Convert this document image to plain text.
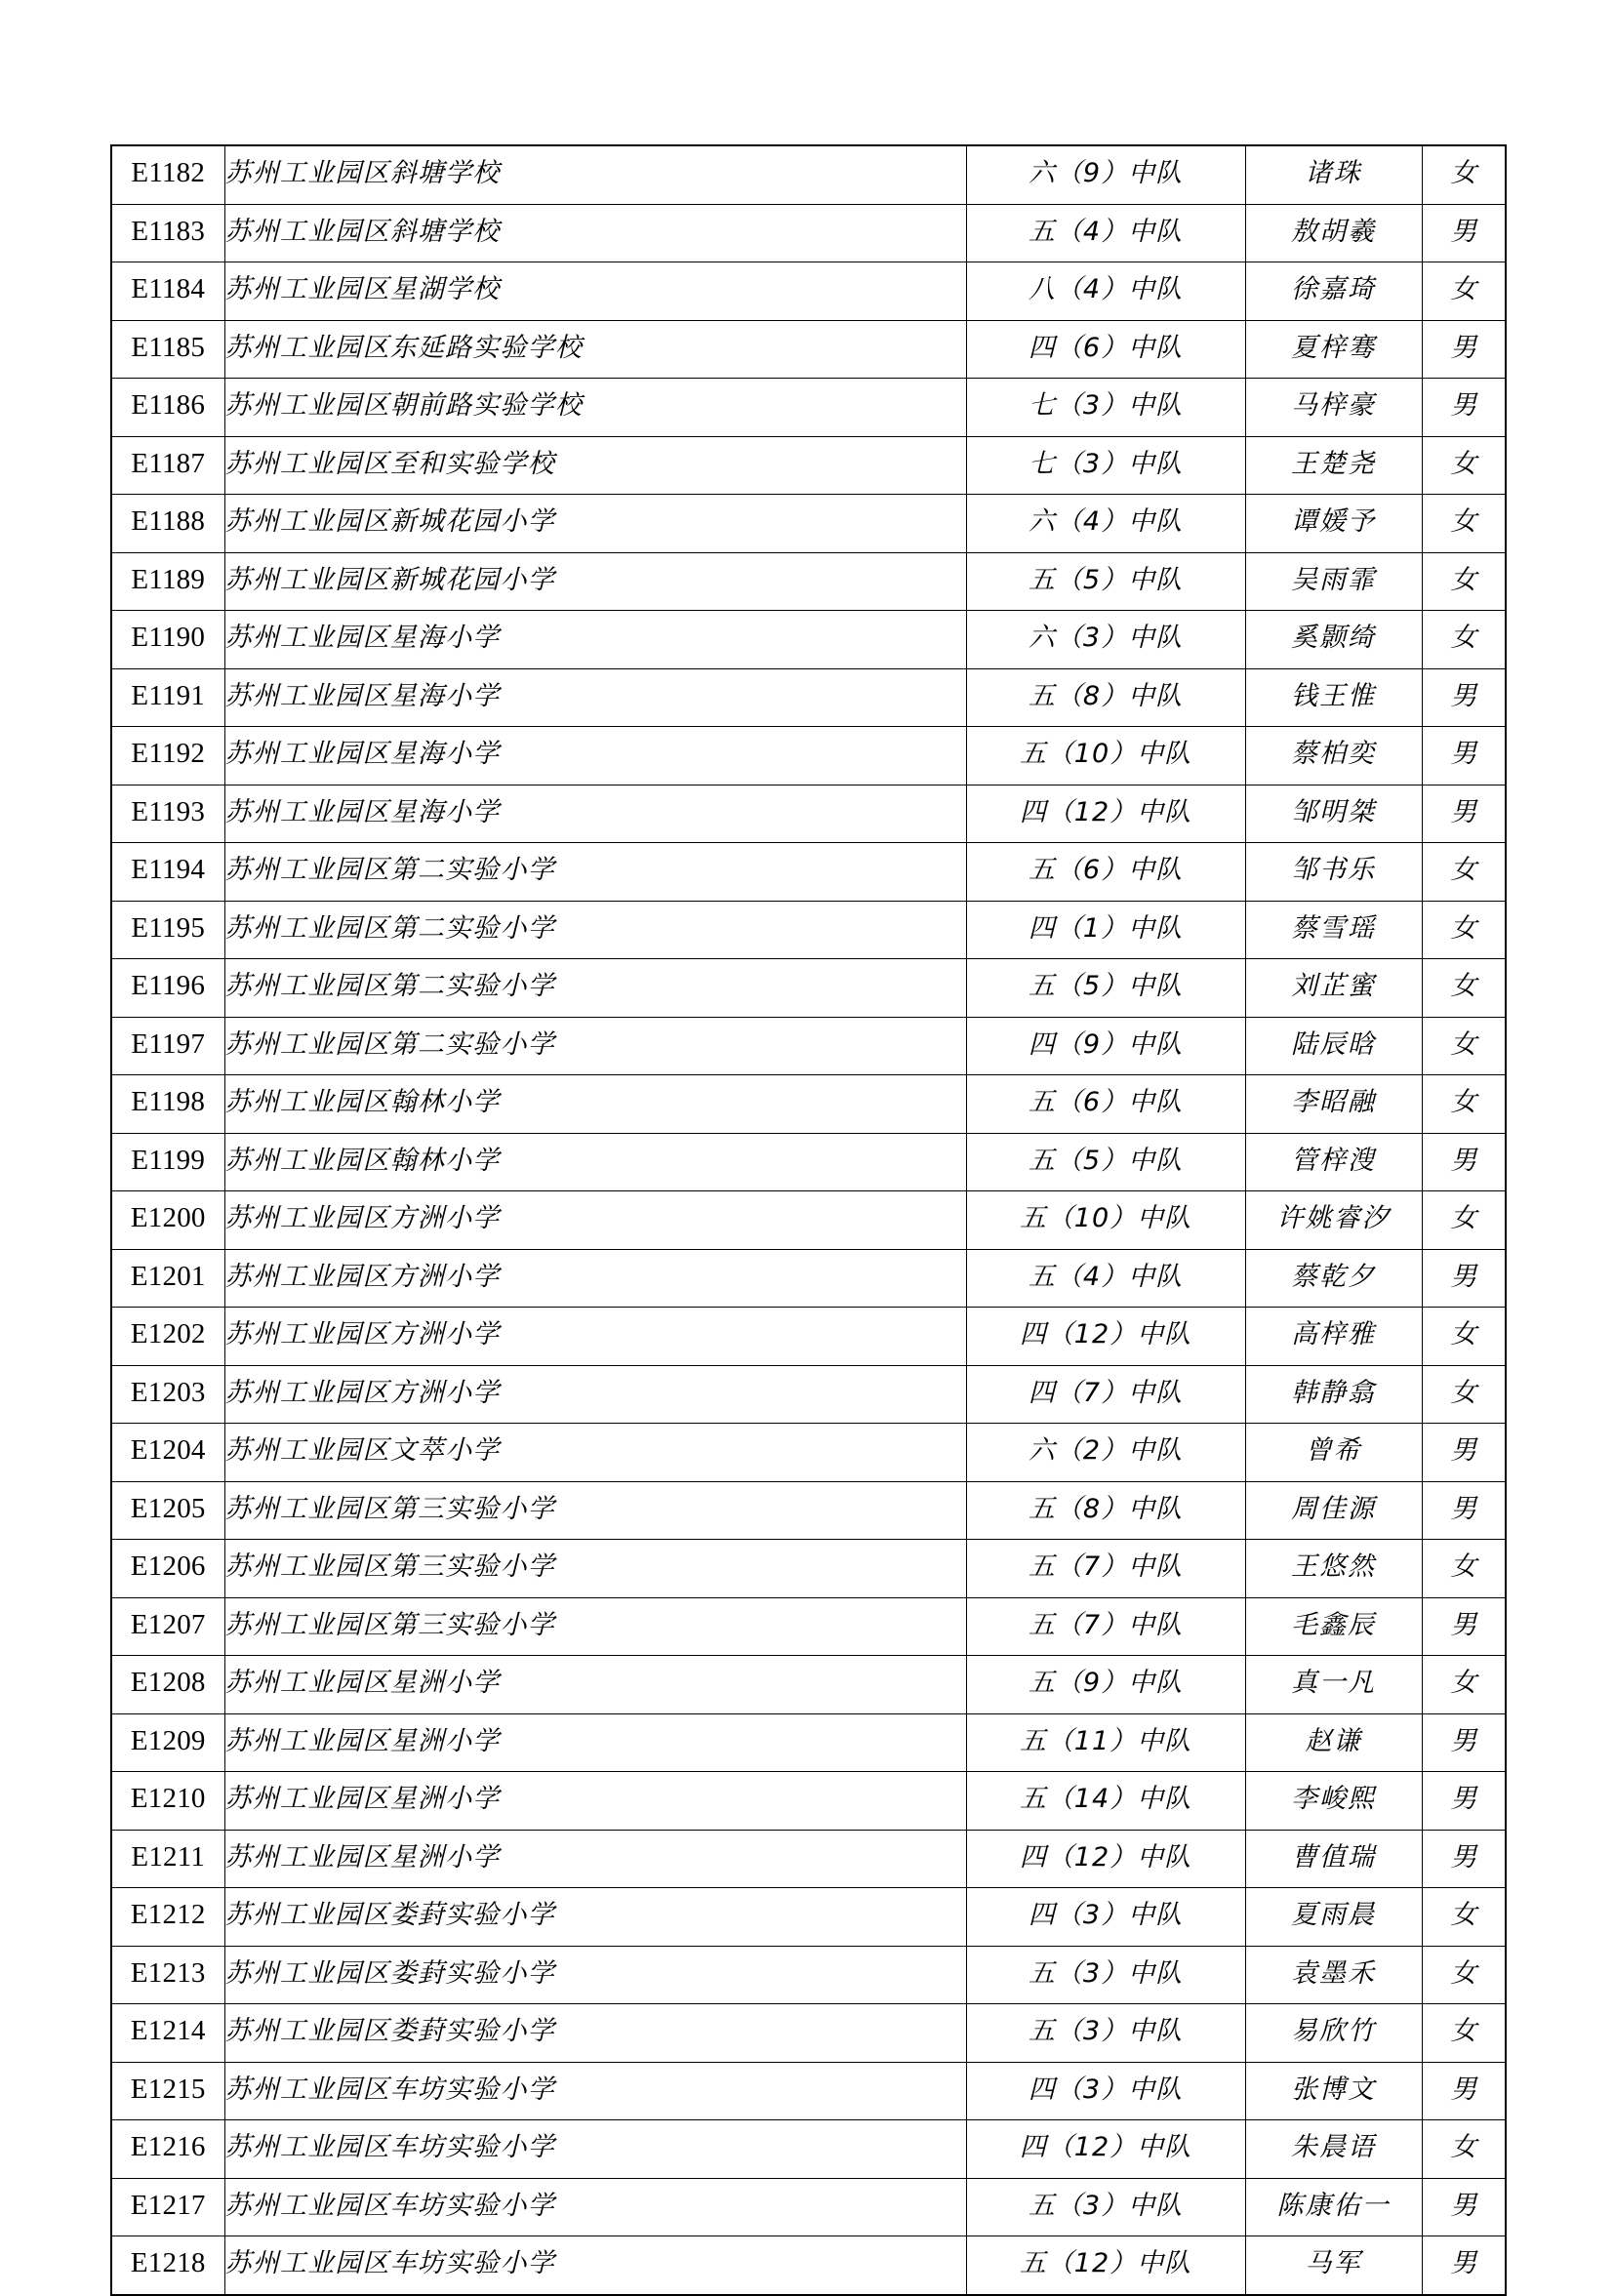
E1182	苏州工业园区斜塘学校	六（9）中队	诸珠	女
E1183	苏州工业园区斜塘学校	五（4）中队	敖胡羲	男
E1184	苏州工业园区星湖学校	八（4）中队	徐嘉琦	女
E1185	苏州工业园区东延路实验学校	四（6）中队	夏梓骞	男
E1186	苏州工业园区朝前路实验学校	七（3）中队	马梓豪	男
E1187	苏州工业园区至和实验学校	七（3）中队	王楚尧	女
E1188	苏州工业园区新城花园小学	六（4）中队	谭媛予	女
E1189	苏州工业园区新城花园小学	五（5）中队	吴雨霏	女
E1190	苏州工业园区星海小学	六（3）中队	奚颢绮	女
E1191	苏州工业园区星海小学	五（8）中队	钱王惟	男
E1192	苏州工业园区星海小学	五（10）中队	蔡柏奕	男
E1193	苏州工业园区星海小学	四（12）中队	邹明桀	男
E1194	苏州工业园区第二实验小学	五（6）中队	邹书乐	女
E1195	苏州工业园区第二实验小学	四（1）中队	蔡雪瑶	女
E1196	苏州工业园区第二实验小学	五（5）中队	刘芷蜜	女
E1197	苏州工业园区第二实验小学	四（9）中队	陆辰晗	女
E1198	苏州工业园区翰林小学	五（6）中队	李昭融	女
E1199	苏州工业园区翰林小学	五（5）中队	管梓溲	男
E1200	苏州工业园区方洲小学	五（10）中队	许姚睿汐	女
E1201	苏州工业园区方洲小学	五（4）中队	蔡乾夕	男
E1202	苏州工业园区方洲小学	四（12）中队	高梓雅	女
E1203	苏州工业园区方洲小学	四（7）中队	韩静翕	女
E1204	苏州工业园区文萃小学	六（2）中队	曾希	男
E1205	苏州工业园区第三实验小学	五（8）中队	周佳源	男
E1206	苏州工业园区第三实验小学	五（7）中队	王悠然	女
E1207	苏州工业园区第三实验小学	五（7）中队	毛鑫辰	男
E1208	苏州工业园区星洲小学	五（9）中队	真一凡	女
E1209	苏州工业园区星洲小学	五（11）中队	赵谦	男
E1210	苏州工业园区星洲小学	五（14）中队	李峻熙	男
E1211	苏州工业园区星洲小学	四（12）中队	曹值瑞	男
E1212	苏州工业园区娄葑实验小学	四（3）中队	夏雨晨	女
E1213	苏州工业园区娄葑实验小学	五（3）中队	袁墨禾	女
E1214	苏州工业园区娄葑实验小学	五（3）中队	易欣竹	女
E1215	苏州工业园区车坊实验小学	四（3）中队	张博文	男
E1216	苏州工业园区车坊实验小学	四（12）中队	朱晨语	女
E1217	苏州工业园区车坊实验小学	五（3）中队	陈康佑一	男
E1218	苏州工业园区车坊实验小学	五（12）中队	马军	男
